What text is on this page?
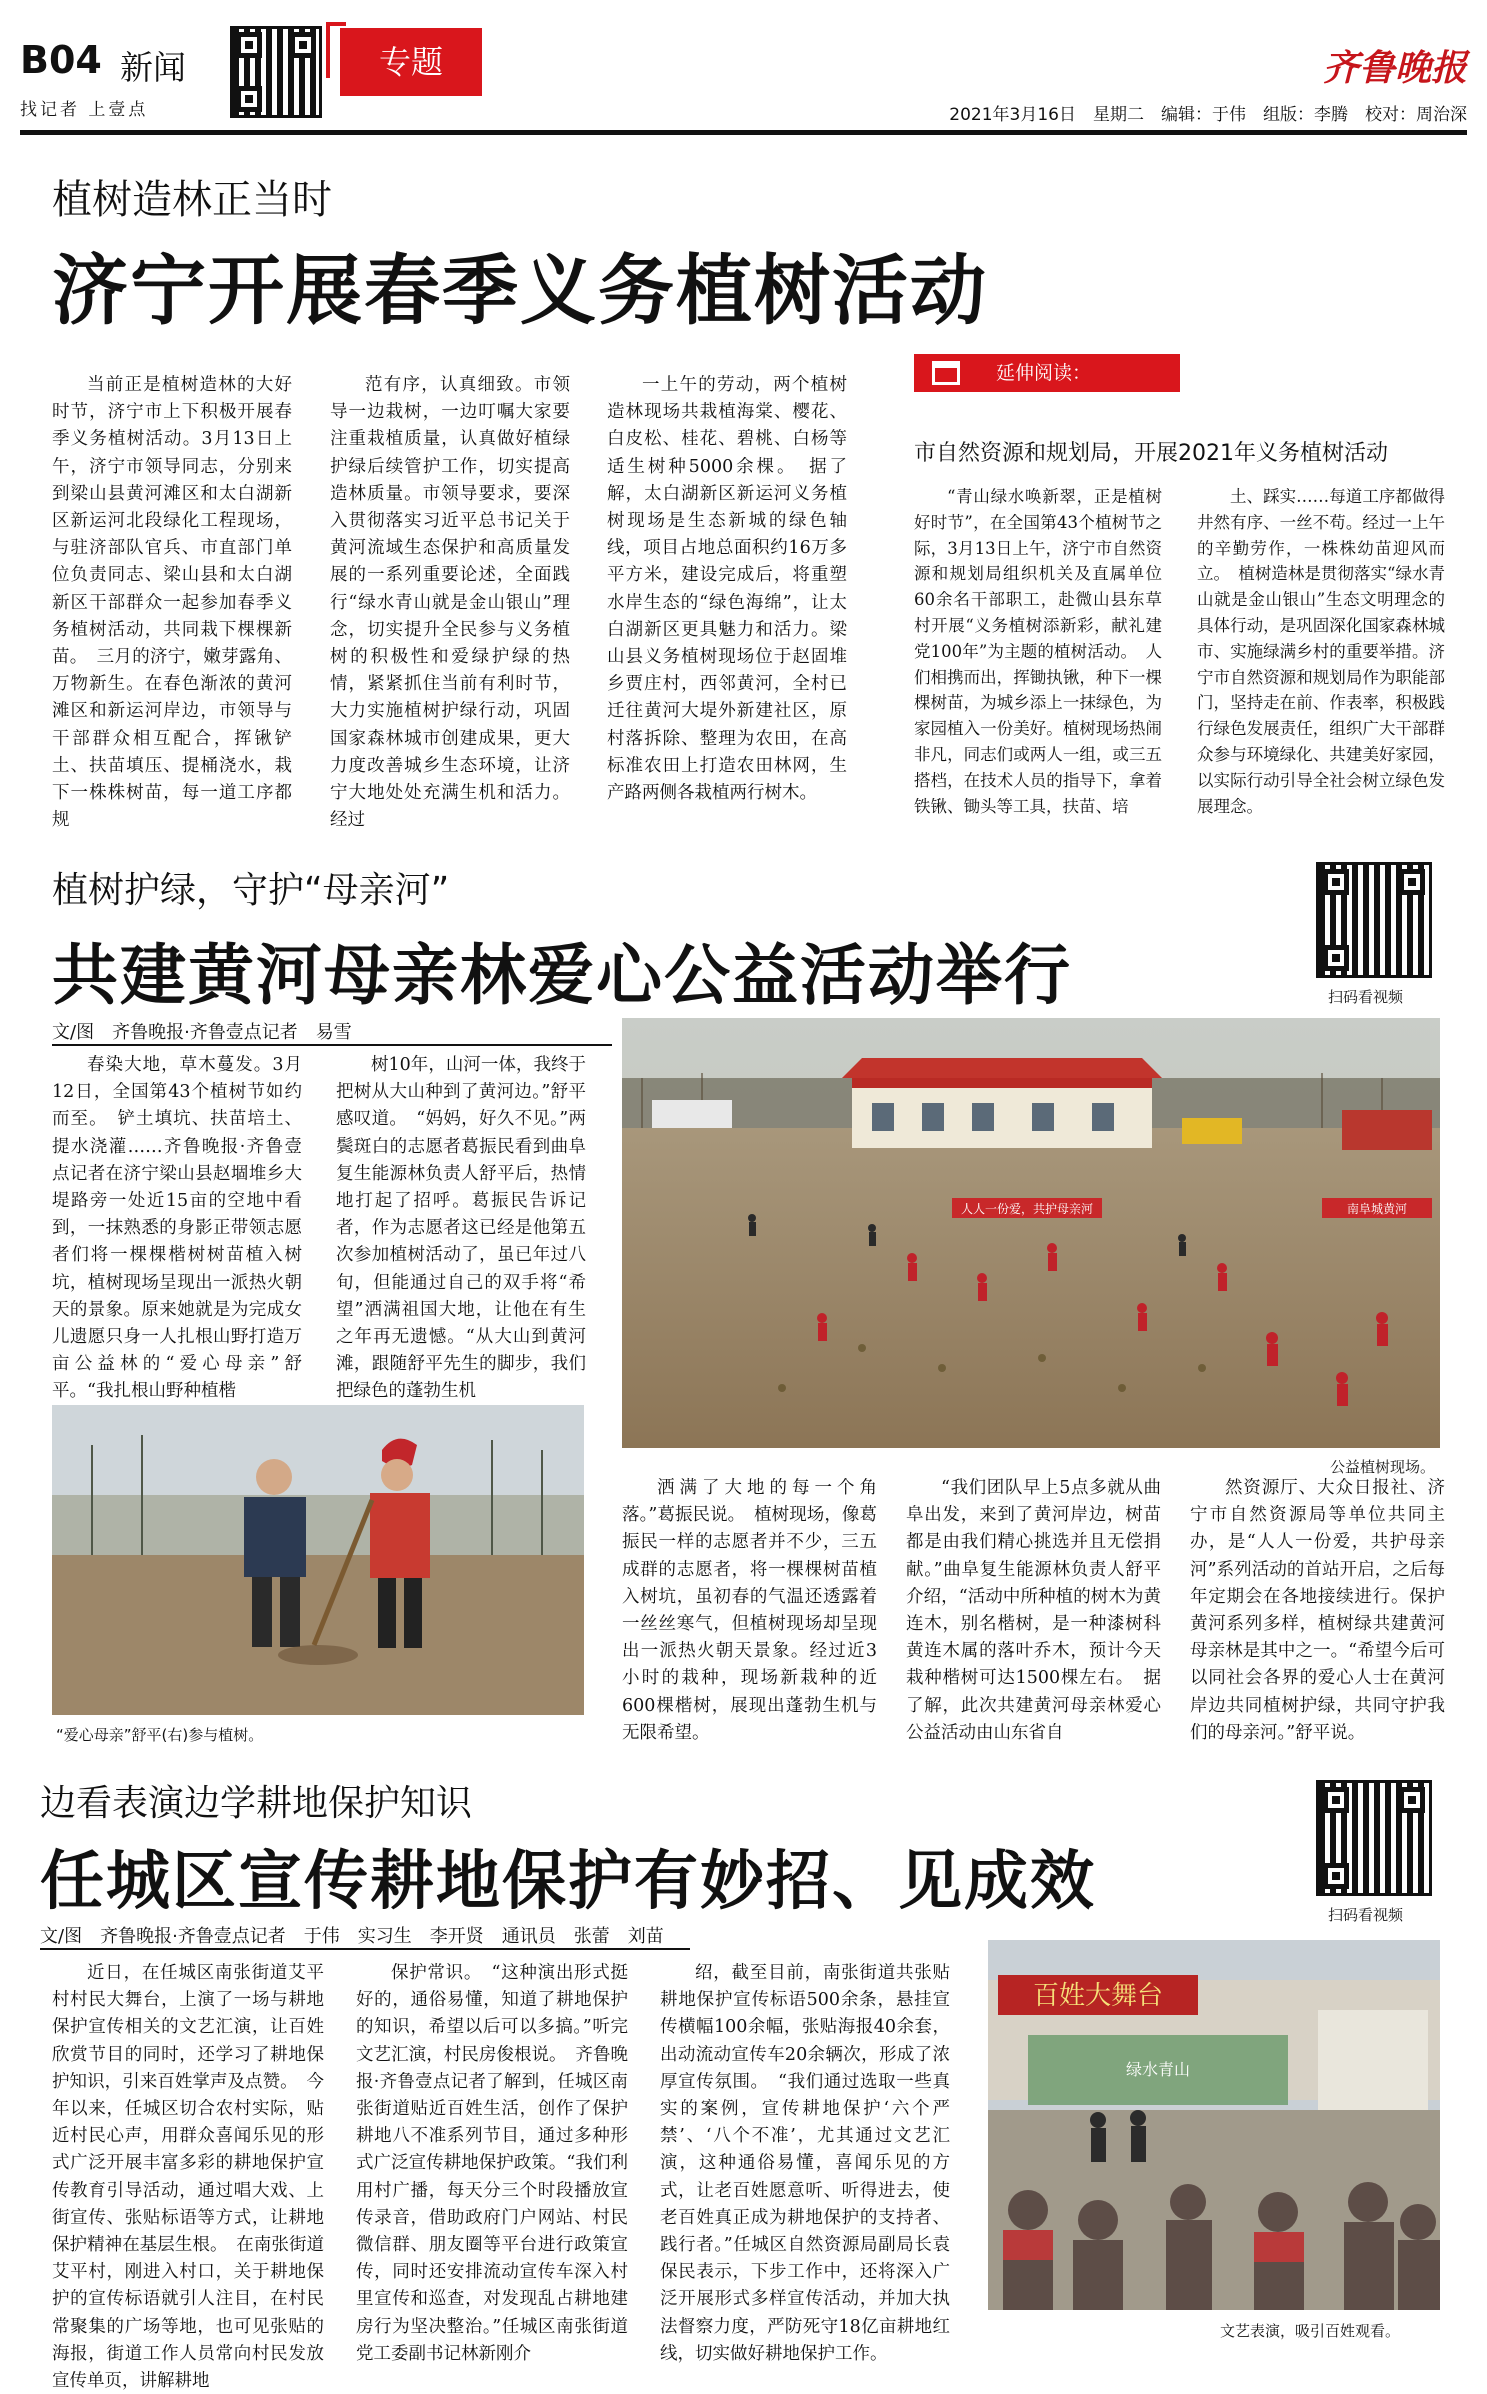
B04 新闻
找记者 上壹点
专题	齐鲁晚报
2021年3月16日　星期二　编辑：于伟　组版：李腾　校对：周治深
植树造林正当时
济宁开展春季义务植树活动
当前正是植树造林的大好时节，济宁市上下积极开展春季义务植树活动。3月13日上午，济宁市领导同志，分别来到梁山县黄河滩区和太白湖新区新运河北段绿化工程现场，与驻济部队官兵、市直部门单位负责同志、梁山县和太白湖新区干部群众一起参加春季义务植树活动，共同栽下棵棵新苗。　三月的济宁，嫩芽露角、万物新生。在春色渐浓的黄河滩区和新运河岸边，市领导与干部群众相互配合，挥锹铲土、扶苗填压、提桶浇水，栽下一株株树苗，每一道工序都规
范有序，认真细致。市领导一边栽树，一边叮嘱大家要注重栽植质量，认真做好植绿护绿后续管护工作，切实提高造林质量。市领导要求，要深入贯彻落实习近平总书记关于黄河流域生态保护和高质量发展的一系列重要论述，全面践行“绿水青山就是金山银山”理念，切实提升全民参与义务植树的积极性和爱绿护绿的热情，紧紧抓住当前有利时节，大力实施植树护绿行动，巩固国家森林城市创建成果，更大力度改善城乡生态环境，让济宁大地处处充满生机和活力。经过
一上午的劳动，两个植树造林现场共栽植海棠、樱花、白皮松、桂花、碧桃、白杨等适生树种5000余棵。　据了解，太白湖新区新运河义务植树现场是生态新城的绿色轴线，项目占地总面积约16万多平方米，建设完成后，将重塑水岸生态的“绿色海绵”，让太白湖新区更具魅力和活力。梁山县义务植树现场位于赵固堆乡贾庄村，西邻黄河，全村已迁往黄河大堤外新建社区，原村落拆除、整理为农田，在高标准农田上打造农田林网，生产路两侧各栽植两行树木。
延伸阅读：
市自然资源和规划局，开展2021年义务植树活动
“青山绿水唤新翠，正是植树好时节”，在全国第43个植树节之际，3月13日上午，济宁市自然资源和规划局组织机关及直属单位60余名干部职工，赴微山县东草村开展“义务植树添新彩，献礼建党100年”为主题的植树活动。　人们相携而出，挥锄执锹，种下一棵棵树苗，为城乡添上一抹绿色，为家园植入一份美好。植树现场热闹非凡，同志们或两人一组，或三五搭档，在技术人员的指导下，拿着铁锹、锄头等工具，扶苗、培
土、踩实……每道工序都做得井然有序、一丝不苟。经过一上午的辛勤劳作，一株株幼苗迎风而立。　植树造林是贯彻落实“绿水青山就是金山银山”生态文明理念的具体行动，是巩固深化国家森林城市、实施绿满乡村的重要举措。济宁市自然资源和规划局作为职能部门，坚持走在前、作表率，积极践行绿色发展责任，组织广大干部群众参与环境绿化、共建美好家园，以实际行动引导全社会树立绿色发展理念。
植树护绿，守护“母亲河”
共建黄河母亲林爱心公益活动举行	扫码看视频
文/图　齐鲁晚报·齐鲁壹点记者　易雪
春染大地，草木蔓发。3月12日，全国第43个植树节如约而至。　铲土填坑、扶苗培土、提水浇灌……齐鲁晚报·齐鲁壹点记者在济宁梁山县赵堌堆乡大堤路旁一处近15亩的空地中看到，一抹熟悉的身影正带领志愿者们将一棵棵楷树树苗植入树坑，植树现场呈现出一派热火朝天的景象。原来她就是为完成女儿遗愿只身一人扎根山野打造万亩公益林的“爱心母亲”舒平。“我扎根山野种植楷
树10年，山河一体，我终于把树从大山种到了黄河边。”舒平感叹道。　“妈妈，好久不见。”两鬓斑白的志愿者葛振民看到曲阜复生能源林负责人舒平后，热情地打起了招呼。葛振民告诉记者，作为志愿者这已经是他第五次参加植树活动了，虽已年过八旬，但能通过自己的双手将“希望”洒满祖国大地，让他在有生之年再无遗憾。“从大山到黄河滩，跟随舒平先生的脚步，我们把绿色的蓬勃生机
人人一份爱，共护母亲河	南阜城黄河
公益植树现场。
“爱心母亲”舒平(右)参与植树。
洒满了大地的每一个角落。”葛振民说。　植树现场，像葛振民一样的志愿者并不少，三五成群的志愿者，将一棵棵树苗植入树坑，虽初春的气温还透露着一丝丝寒气，但植树现场却呈现出一派热火朝天景象。经过近3小时的栽种，现场新栽种的近600棵楷树，展现出蓬勃生机与无限希望。
“我们团队早上5点多就从曲阜出发，来到了黄河岸边，树苗都是由我们精心挑选并且无偿捐献。”曲阜复生能源林负责人舒平介绍，“活动中所种植的树木为黄连木，别名楷树，是一种漆树科黄连木属的落叶乔木，预计今天栽种楷树可达1500棵左右。　据了解，此次共建黄河母亲林爱心公益活动由山东省自
然资源厅、大众日报社、济宁市自然资源局等单位共同主办，是“人人一份爱，共护母亲河”系列活动的首站开启，之后每年定期会在各地接续进行。保护黄河系列多样，植树绿共建黄河母亲林是其中之一。“希望今后可以同社会各界的爱心人士在黄河岸边共同植树护绿，共同守护我们的母亲河。”舒平说。
边看表演边学耕地保护知识
任城区宣传耕地保护有妙招、见成效	扫码看视频
文/图　齐鲁晚报·齐鲁壹点记者　于伟　实习生　李开贤　通讯员　张蕾　刘苗
近日，在任城区南张街道艾平村村民大舞台，上演了一场与耕地保护宣传相关的文艺汇演，让百姓欣赏节目的同时，还学习了耕地保护知识，引来百姓掌声及点赞。　今年以来，任城区切合农村实际，贴近村民心声，用群众喜闻乐见的形式广泛开展丰富多彩的耕地保护宣传教育引导活动，通过唱大戏、上街宣传、张贴标语等方式，让耕地保护精神在基层生根。　在南张街道艾平村，刚进入村口，关于耕地保护的宣传标语就引人注目，在村民常聚集的广场等地，也可见张贴的海报，街道工作人员常向村民发放宣传单页，讲解耕地
保护常识。　“这种演出形式挺好的，通俗易懂，知道了耕地保护的知识，希望以后可以多搞。”听完文艺汇演，村民房俊根说。　齐鲁晚报·齐鲁壹点记者了解到，任城区南张街道贴近百姓生活，创作了保护耕地八不准系列节目，通过多种形式广泛宣传耕地保护政策。“我们利用村广播，每天分三个时段播放宣传录音，借助政府门户网站、村民微信群、朋友圈等平台进行政策宣传，同时还安排流动宣传车深入村里宣传和巡查，对发现乱占耕地建房行为坚决整治。”任城区南张街道党工委副书记林新刚介
绍，截至目前，南张街道共张贴耕地保护宣传标语500余条，悬挂宣传横幅100余幅，张贴海报40余套，出动流动宣传车20余辆次，形成了浓厚宣传氛围。　“我们通过选取一些真实的案例，宣传耕地保护‘六个严禁’、‘八个不准’，尤其通过文艺汇演，这种通俗易懂，喜闻乐见的方式，让老百姓愿意听、听得进去，使老百姓真正成为耕地保护的支持者、践行者。”任城区自然资源局副局长袁保民表示，下步工作中，还将深入广泛开展形式多样宣传活动，并加大执法督察力度，严防死守18亿亩耕地红线，切实做好耕地保护工作。
百姓大舞台
绿水青山
文艺表演，吸引百姓观看。
